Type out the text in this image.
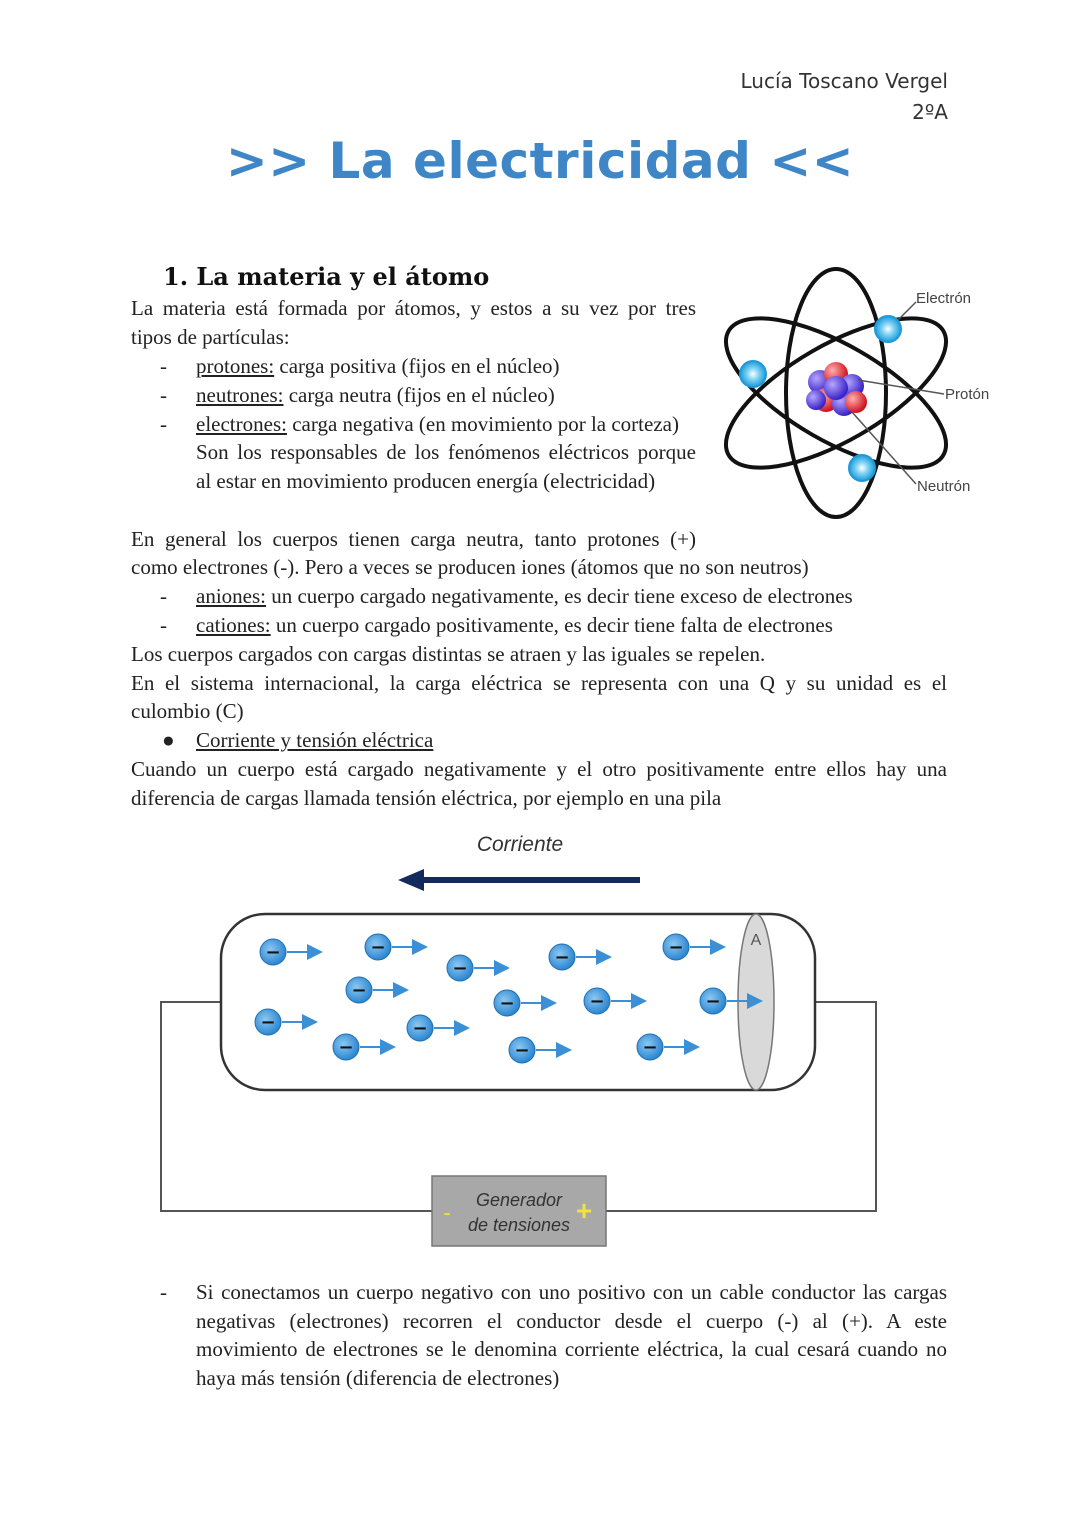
Lucía Toscano Vergel
2ºA
>> La electricidad <<
1. La materia y el átomo
La materia está formada por átomos, y estos a su vez por tres
tipos de partículas:
- protones: carga positiva (fijos en el núcleo)
- neutrones: carga neutra (fijos en el núcleo)
- electrones: carga negativa (en movimiento por la corteza)
Son los responsables de los fenómenos eléctricos porque
al estar en movimiento producen energía (electricidad)
Electrón
Protón
Neutrón
En general los cuerpos tienen carga neutra, tanto protones (+)
como electrones (-). Pero a veces se producen iones (átomos que no son neutros)
- aniones: un cuerpo cargado negativamente, es decir tiene exceso de electrones
- cationes: un cuerpo cargado positivamente, es decir tiene falta de electrones
Los cuerpos cargados con cargas distintas se atraen y las iguales se repelen.
En el sistema internacional, la carga eléctrica se representa con una Q y su unidad es el
culombio (C)
● Corriente y tensión eléctrica
Cuando un cuerpo está cargado negativamente y el otro positivamente entre ellos hay una
diferencia de cargas llamada tensión eléctrica, por ejemplo en una pila
Corriente
A
−	−
−
−	−
−
−	−	−
−	−
−	−	−
Generador
de tensiones
-	+
- Si conectamos un cuerpo negativo con uno positivo con un cable conductor las cargas
negativas (electrones) recorren el conductor desde el cuerpo (-) al (+). A este
movimiento de electrones se le denomina corriente eléctrica, la cual cesará cuando no
haya más tensión (diferencia de electrones)
